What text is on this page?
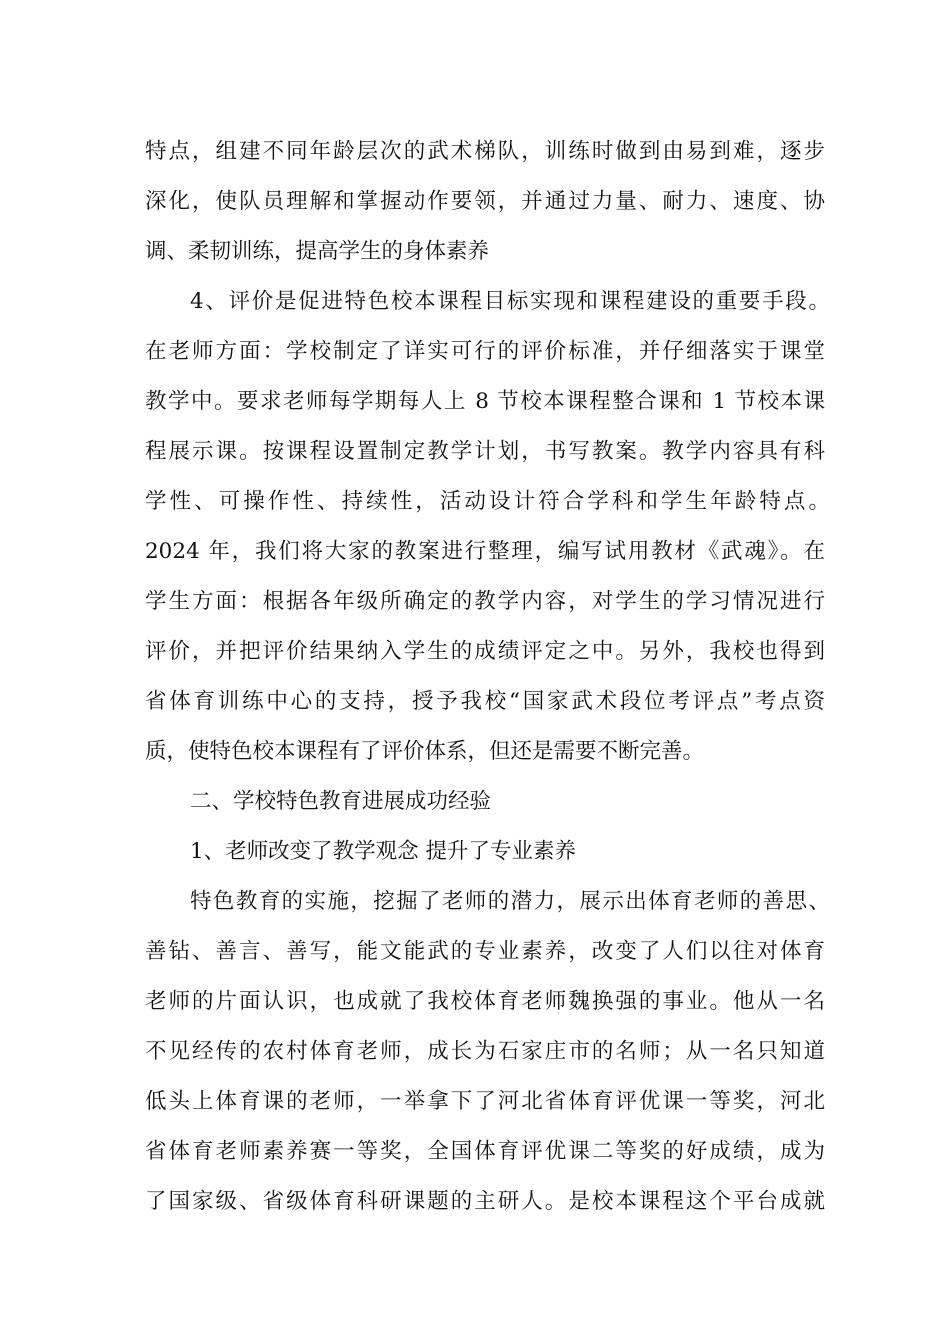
特点，组建不同年龄层次的武术梯队，训练时做到由易到难，逐步
深化，使队员理解和掌握动作要领，并通过力量、耐力、速度、协
调、柔韧训练，提高学生的身体素养
4、评价是促进特色校本课程目标实现和课程建设的重要手段。
在老师方面：学校制定了详实可行的评价标准，并仔细落实于课堂
教学中。要求老师每学期每人上 8 节校本课程整合课和 1 节校本课
程展示课。按课程设置制定教学计划，书写教案。教学内容具有科
学性、可操作性、持续性，活动设计符合学科和学生年龄特点。
2024 年，我们将大家的教案进行整理，编写试用教材《武魂》。在
学生方面：根据各年级所确定的教学内容，对学生的学习情况进行
评价，并把评价结果纳入学生的成绩评定之中。另外，我校也得到
省体育训练中心的支持，授予我校“国家武术段位考评点”考点资
质，使特色校本课程有了评价体系，但还是需要不断完善。
二、学校特色教育进展成功经验
1、老师改变了教学观念 提升了专业素养
特色教育的实施，挖掘了老师的潜力，展示出体育老师的善思、
善钻、善言、善写，能文能武的专业素养，改变了人们以往对体育
老师的片面认识，也成就了我校体育老师魏换强的事业。他从一名
不见经传的农村体育老师，成长为石家庄市的名师；从一名只知道
低头上体育课的老师，一举拿下了河北省体育评优课一等奖，河北
省体育老师素养赛一等奖，全国体育评优课二等奖的好成绩，成为
了国家级、省级体育科研课题的主研人。是校本课程这个平台成就
